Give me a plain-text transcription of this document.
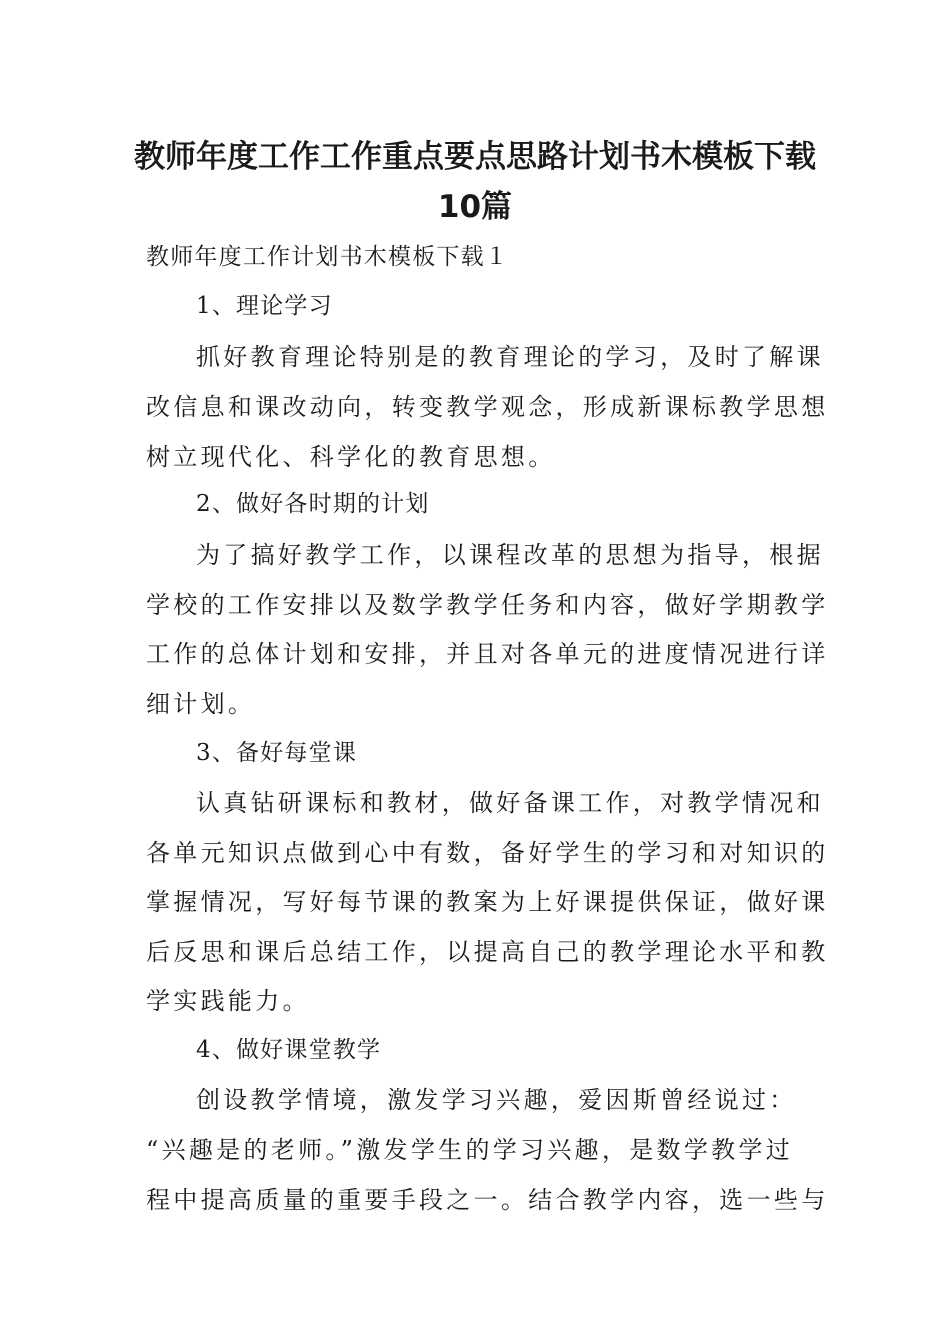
教师年度工作工作重点要点思路计划书木模板下载
10篇

教师年度工作计划书木模板下载１

1、理论学习

抓好教育理论特别是的教育理论的学习，及时了解课

改信息和课改动向，转变教学观念，形成新课标教学思想

树立现代化、科学化的教育思想。

2、做好各时期的计划

为了搞好教学工作，以课程改革的思想为指导，根据

学校的工作安排以及数学教学任务和内容，做好学期教学

工作的总体计划和安排，并且对各单元的进度情况进行详

细计划。

3、备好每堂课

认真钻研课标和教材，做好备课工作，对教学情况和

各单元知识点做到心中有数，备好学生的学习和对知识的

掌握情况，写好每节课的教案为上好课提供保证，做好课

后反思和课后总结工作，以提高自己的教学理论水平和教

学实践能力。

4、做好课堂教学

创设教学情境，激发学习兴趣，爱因斯曾经说过：

“兴趣是的老师。”激发学生的学习兴趣，是数学教学过

程中提高质量的重要手段之一。结合教学内容，选一些与
